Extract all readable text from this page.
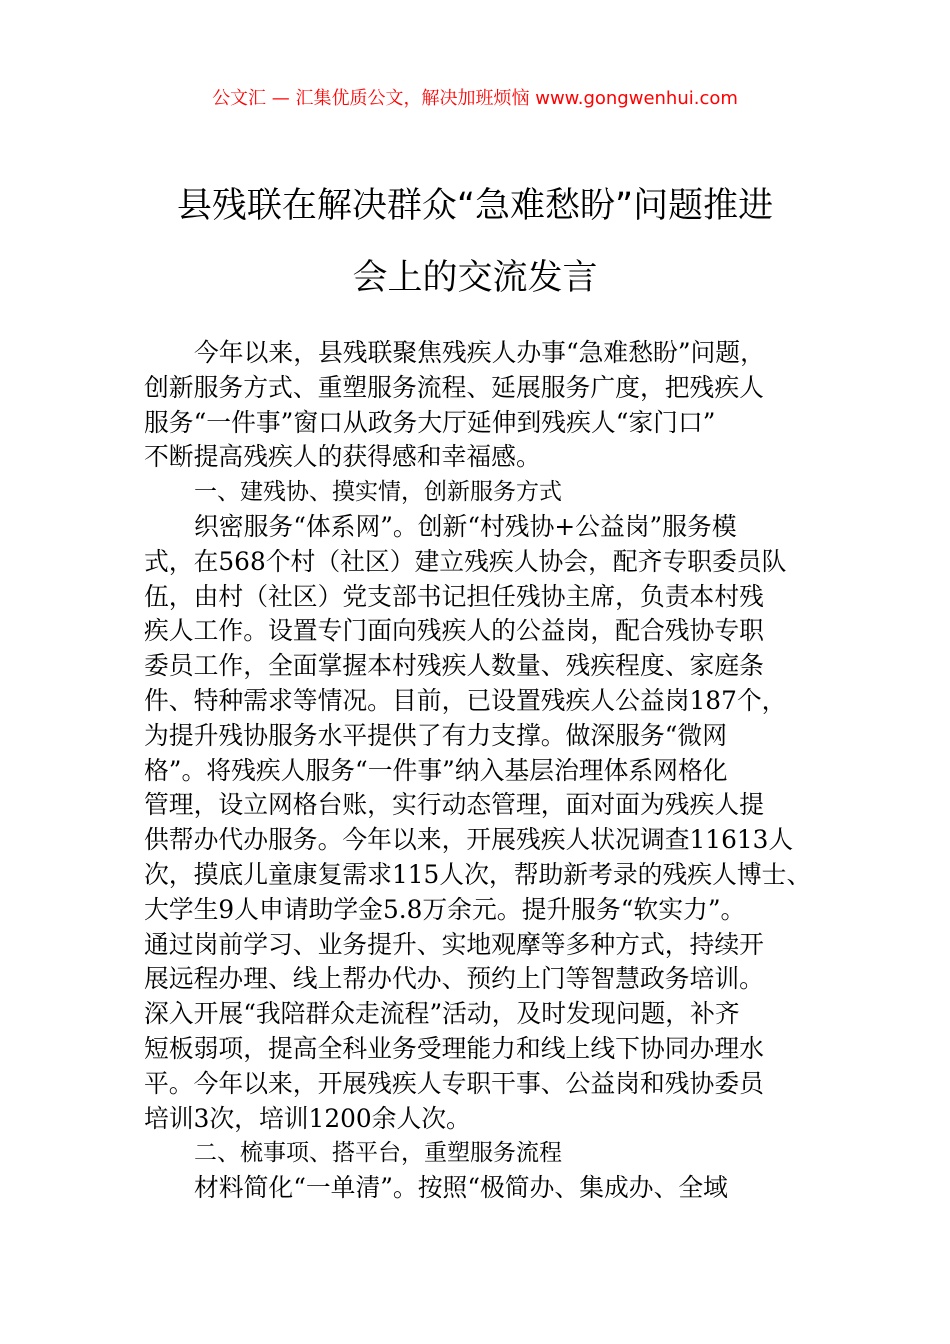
公文汇 — 汇集优质公文，解决加班烦恼 www.gongwenhui.com
县残联在解决群众“急难愁盼”问题推进
会上的交流发言
今年以来，县残联聚焦残疾人办事“急难愁盼”问题，
创新服务方式、重塑服务流程、延展服务广度，把残疾人
服务“一件事”窗口从政务大厅延伸到残疾人“家门口”
不断提高残疾人的获得感和幸福感。
一、建残协、摸实情，创新服务方式
织密服务“体系网”。创新“村残协+公益岗”服务模
式，在568个村（社区）建立残疾人协会，配齐专职委员队
伍，由村（社区）党支部书记担任残协主席，负责本村残
疾人工作。设置专门面向残疾人的公益岗，配合残协专职
委员工作，全面掌握本村残疾人数量、残疾程度、家庭条
件、特种需求等情况。目前，已设置残疾人公益岗187个，
为提升残协服务水平提供了有力支撑。做深服务“微网
格”。将残疾人服务“一件事”纳入基层治理体系网格化
管理，设立网格台账，实行动态管理，面对面为残疾人提
供帮办代办服务。今年以来，开展残疾人状况调查11613人
次，摸底儿童康复需求115人次，帮助新考录的残疾人博士、
大学生9人申请助学金5.8万余元。提升服务“软实力”。
通过岗前学习、业务提升、实地观摩等多种方式，持续开
展远程办理、线上帮办代办、预约上门等智慧政务培训。
深入开展“我陪群众走流程”活动，及时发现问题，补齐
短板弱项，提高全科业务受理能力和线上线下协同办理水
平。今年以来，开展残疾人专职干事、公益岗和残协委员
培训3次，培训1200余人次。
二、梳事项、搭平台，重塑服务流程
材料简化“一单清”。按照“极简办、集成办、全域
